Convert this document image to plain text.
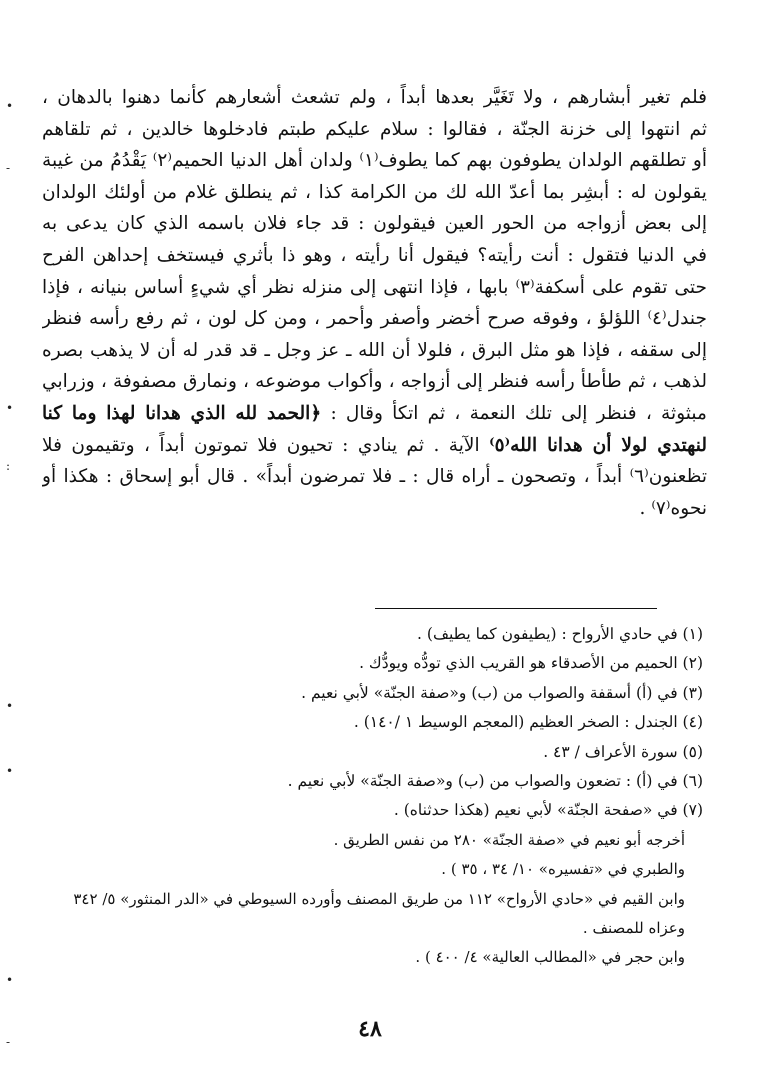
فلم تغير أبشارهم ، ولا تَغَيَّر بعدها أبداً ، ولم تشعث أشعارهم كأنما دهنوا بالدهان ،
ثم انتهوا إلى خزنة الجنّة ، فقالوا : سلام عليكم طبتم فادخلوها خالدين ، ثم تلقاهم
أو تطلقهم الولدان يطوفون بهم كما يطوف⁽١⁾ ولدان أهل الدنيا الحميم⁽٢⁾ يَقْدُمُ من غيبة
يقولون له : أبشِر بما أعدّ الله لك من الكرامة كذا ، ثم ينطلق غلام من أولئك الولدان
إلى بعض أزواجه من الحور العين فيقولون : قد جاء فلان باسمه الذي كان يدعى به
في الدنيا فتقول : أنت رأيته؟ فيقول أنا رأيته ، وهو ذا بأثري فيستخف إحداهن الفرح
حتى تقوم على أسكفة⁽٣⁾ بابها ، فإذا انتهى إلى منزله نظر أي شيءٍ أساس بنيانه ، فإذا
جندل⁽٤⁾ اللؤلؤ ، وفوقه صرح أخضر وأصفر وأحمر ، ومن كل لون ، ثم رفع رأسه فنظر
إلى سقفه ، فإذا هو مثل البرق ، فلولا أن الله ـ عز وجل ـ قد قدر له أن لا يذهب بصره
لذهب ، ثم طأطأ رأسه فنظر إلى أزواجه ، وأكواب موضوعه ، ونمارق مصفوفة ، وزرابي
مبثوثة ، فنظر إلى تلك النعمة ، ثم اتكأ وقال : ﴿الحمد لله الذي هدانا لهذا وما كنا
لنهتدي لولا أن هدانا الله⁽٥⁾ الآية . ثم ينادي : تحيون فلا تموتون أبداً ، وتقيمون فلا
تظعنون⁽٦⁾ أبداً ، وتصحون ـ أراه قال : ـ فلا تمرضون أبداً» . قال أبو إسحاق : هكذا أو
نحوه⁽٧⁾ .
(١) في حادي الأرواح : (يطيفون كما يطيف) .
(٢) الحميم من الأصدقاء هو القريب الذي تودُّه ويودُّك .
(٣) في (أ) أسقفة والصواب من (ب) و«صفة الجنّة» لأبي نعيم .
(٤) الجندل : الصخر العظيم (المعجم الوسيط ١ /١٤٠) .
(٥) سورة الأعراف / ٤٣ .
(٦) في (أ) : تضعون والصواب من (ب) و«صفة الجنّة» لأبي نعيم .
(٧) في «صفحة الجنّة» لأبي نعيم (هكذا حدثناه) .
أخرجه أبو نعيم في «صفة الجنّة» ٢٨٠ من نفس الطريق .
والطبري في «تفسيره» ١٠/ ٣٤ ، ٣٥ ) .
وابن القيم في «حادي الأرواح» ١١٢ من طريق المصنف وأورده السيوطي في «الدر المنثور» ٥/ ٣٤٢
وعزاه للمصنف .
وابن حجر في «المطالب العالية» ٤/ ٤٠٠ ) .
٤٨
•
-
•
:
•
•
•
-
